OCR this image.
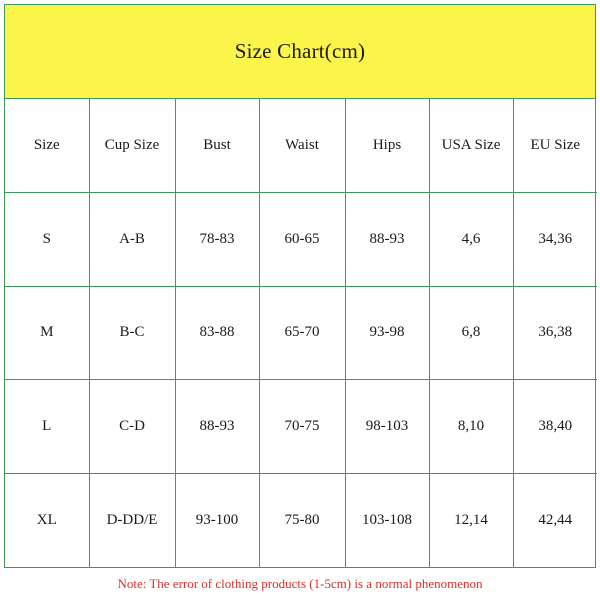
Size Chart(cm)
Size	Cup Size	Bust	Waist	Hips	USA Size	EU Size
S	A-B	78-83	60-65	88-93	4,6	34,36
M	B-C	83-88	65-70	93-98	6,8	36,38
L	C-D	88-93	70-75	98-103	8,10	38,40
XL	D-DD/E	93-100	75-80	103-108	12,14	42,44
Note: The error of clothing products (1-5cm) is a normal phenomenon
